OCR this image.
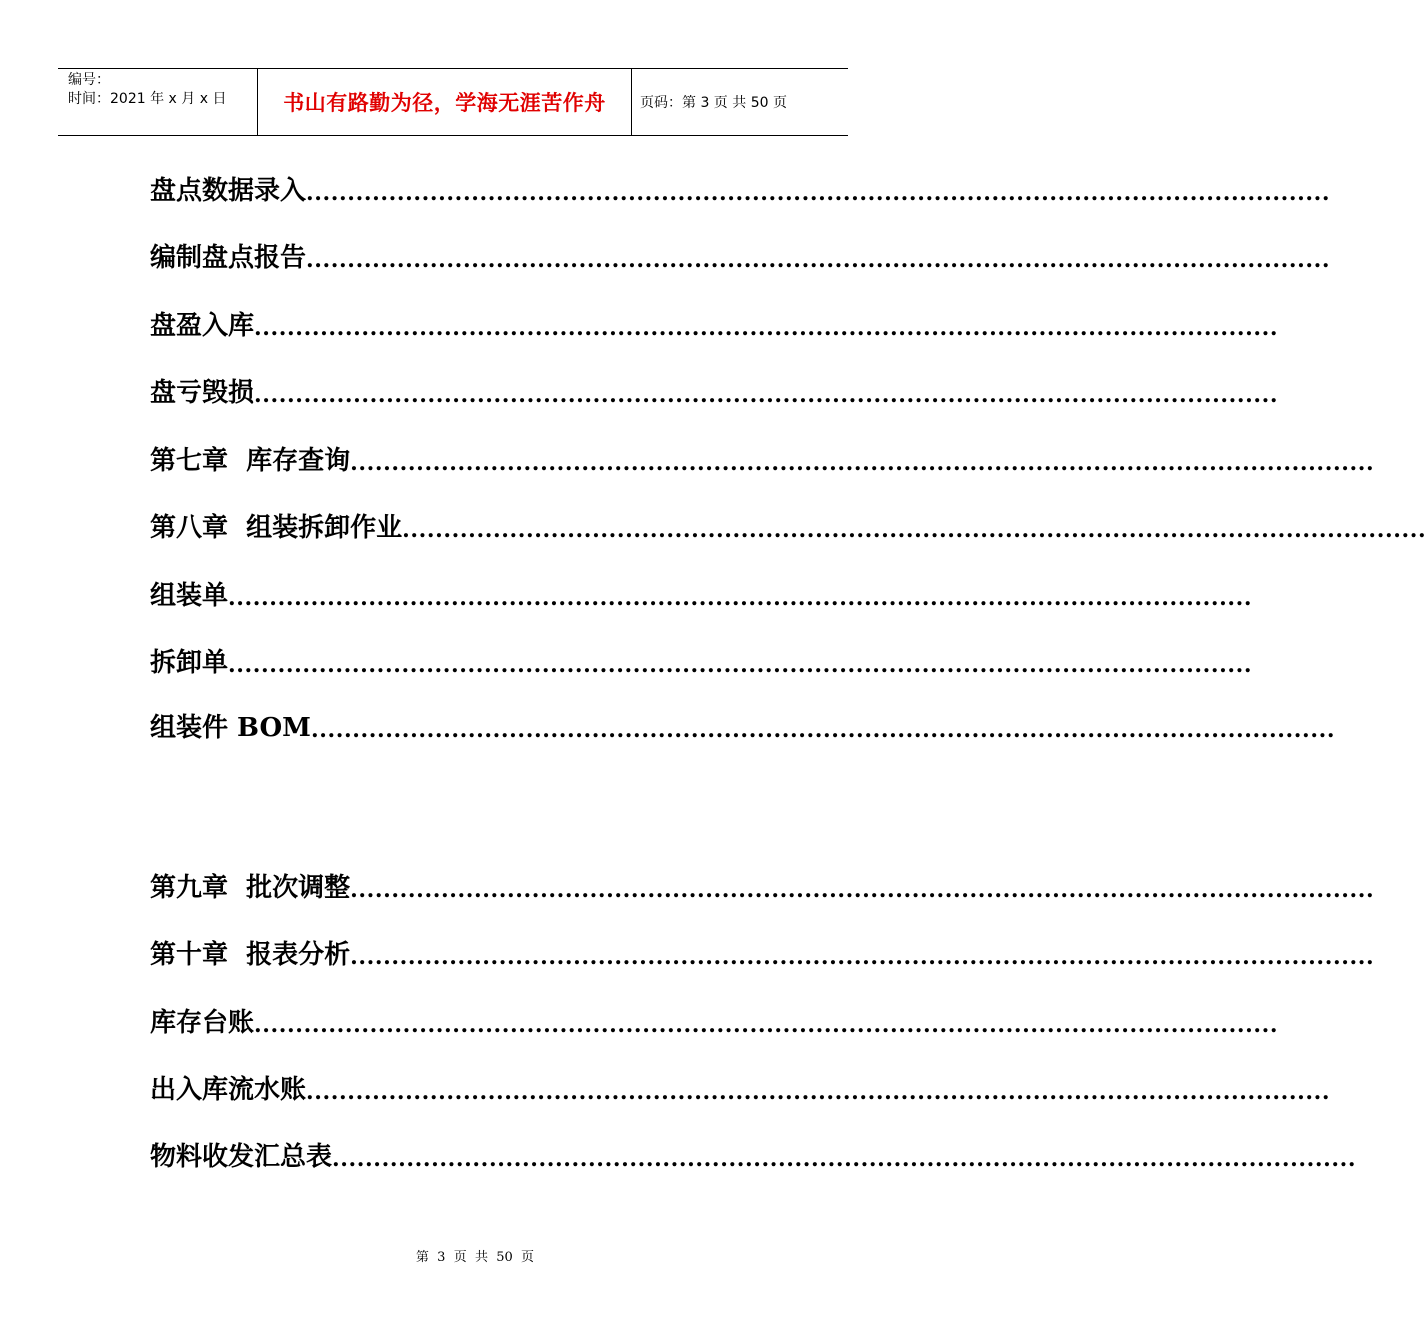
编号：
时间：2021 年 x 月 x 日	书山有路勤为径，学海无涯苦作舟	页码：第 3 页 共 50 页
盘点数据录入 ............................................................................................................................
编制盘点报告 ............................................................................................................................
盘盈入库 ............................................................................................................................
盘亏毁损 ............................................................................................................................
第七章  库存查询 ............................................................................................................................
第八章  组装拆卸作业 ............................................................................................................................
组装单 ............................................................................................................................
拆卸单 ............................................................................................................................
组装件 BOM ............................................................................................................................
第九章  批次调整 ............................................................................................................................
第十章  报表分析 ............................................................................................................................
库存台账 ............................................................................................................................
出入库流水账 ............................................................................................................................
物料收发汇总表 ............................................................................................................................
第  3  页  共  50  页
